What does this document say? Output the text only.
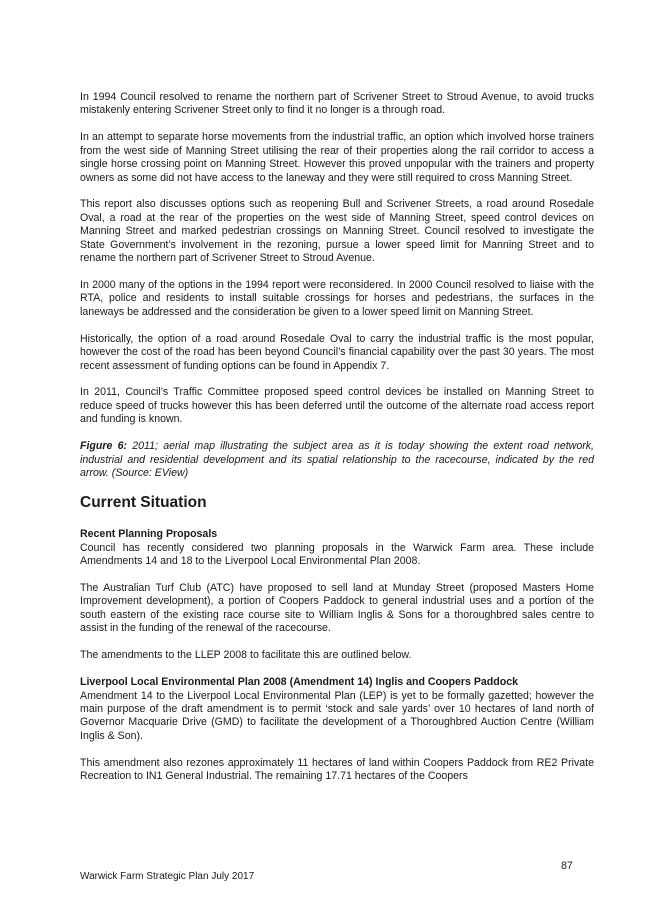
In 1994 Council resolved to rename the northern part of Scrivener Street to Stroud Avenue, to avoid trucks mistakenly entering Scrivener Street only to find it no longer is a through road.

In an attempt to separate horse movements from the industrial traffic, an option which involved horse trainers from the west side of Manning Street utilising the rear of their properties along the rail corridor to access a single horse crossing point on Manning Street. However this proved unpopular with the trainers and property owners as some did not have access to the laneway and they were still required to cross Manning Street.

This report also discusses options such as reopening Bull and Scrivener Streets, a road around Rosedale Oval, a road at the rear of the properties on the west side of Manning Street, speed control devices on Manning Street and marked pedestrian crossings on Manning Street. Council resolved to investigate the State Government’s involvement in the rezoning, pursue a lower speed limit for Manning Street and to rename the northern part of Scrivener Street to Stroud Avenue.

In 2000 many of the options in the 1994 report were reconsidered. In 2000 Council resolved to liaise with the RTA, police and residents to install suitable crossings for horses and pedestrians, the surfaces in the laneways be addressed and the consideration be given to a lower speed limit on Manning Street.

Historically, the option of a road around Rosedale Oval to carry the industrial traffic is the most popular, however the cost of the road has been beyond Council’s financial capability over the past 30 years. The most recent assessment of funding options can be found in Appendix 7.

In 2011, Council’s Traffic Committee proposed speed control devices be installed on Manning Street to reduce speed of trucks however this has been deferred until the outcome of the alternate road access report and funding is known.

Figure 6: 2011; aerial map illustrating the subject area as it is today showing the extent road network, industrial and residential development and its spatial relationship to the racecourse, indicated by the red arrow. (Source: EView)

Current Situation
Recent Planning Proposals

Council has recently considered two planning proposals in the Warwick Farm area. These include Amendments 14 and 18 to the Liverpool Local Environmental Plan 2008.

The Australian Turf Club (ATC) have proposed to sell land at Munday Street (proposed Masters Home Improvement development), a portion of Coopers Paddock to general industrial uses and a portion of the south eastern of the existing race course site to William Inglis & Sons for a thoroughbred sales centre to assist in the funding of the renewal of the racecourse.

The amendments to the LLEP 2008 to facilitate this are outlined below.

Liverpool Local Environmental Plan 2008 (Amendment 14) Inglis and Coopers Paddock

Amendment 14 to the Liverpool Local Environmental Plan (LEP) is yet to be formally gazetted; however the main purpose of the draft amendment is to permit ‘stock and sale yards’ over 10 hectares of land north of Governor Macquarie Drive (GMD) to facilitate the development of a Thoroughbred Auction Centre (William Inglis & Son).

This amendment also rezones approximately 11 hectares of land within Coopers Paddock from RE2 Private Recreation to IN1 General Industrial. The remaining 17.71 hectares of the Coopers

87
Warwick Farm Strategic Plan July 2017
